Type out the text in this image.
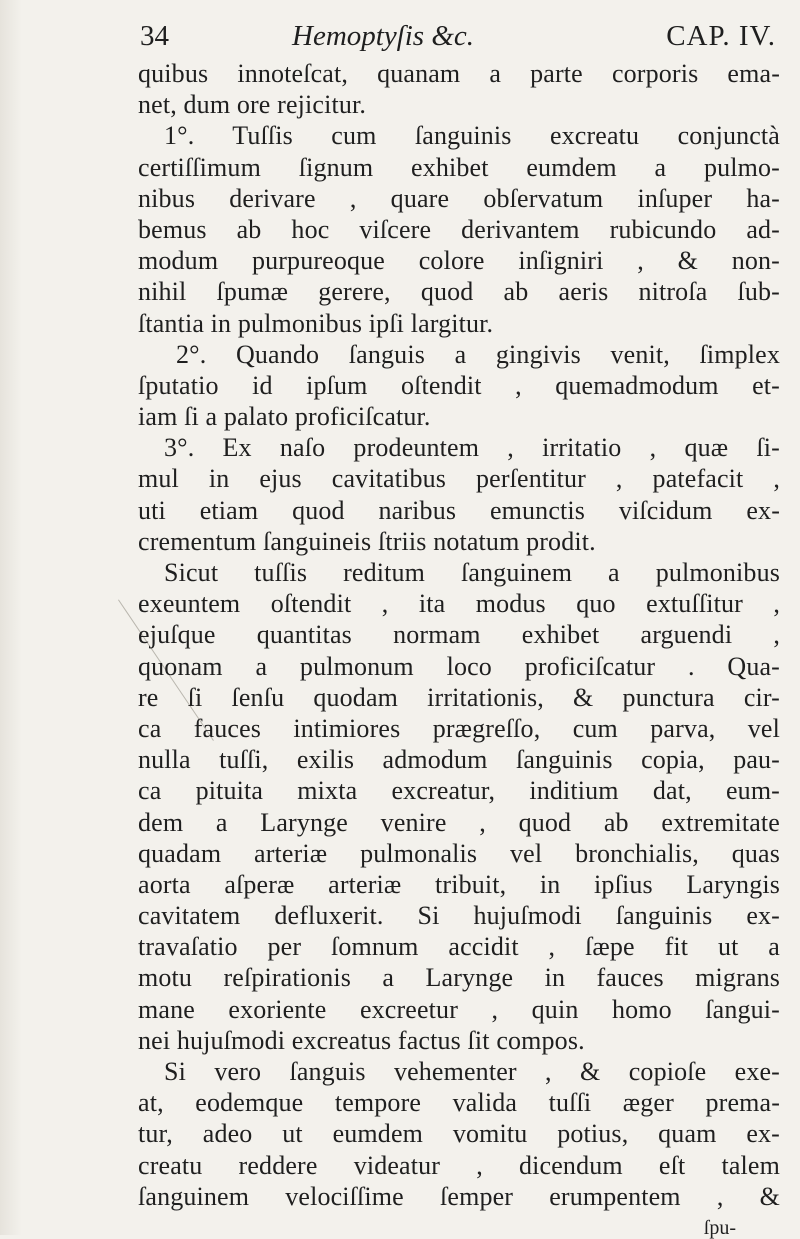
34	Hemoptyſis &c.	CAP. IV.
quibus innoteſcat, quanam a parte corporis ema-
net, dum ore rejicitur.
1°. Tuſſis cum ſanguinis excreatu conjunctà
certiſſimum ſignum exhibet eumdem a pulmo-
nibus derivare , quare obſervatum inſuper ha-
bemus ab hoc viſcere derivantem rubicundo ad-
modum purpureoque colore inſigniri , & non-
nihil ſpumæ gerere, quod ab aeris nitroſa ſub-
ſtantia in pulmonibus ipſi largitur.
2°. Quando ſanguis a gingivis venit, ſimplex
ſputatio id ipſum oſtendit , quemadmodum et-
iam ſi a palato proficiſcatur.
3°. Ex naſo prodeuntem , irritatio , quæ ſi-
mul in ejus cavitatibus perſentitur , patefacit ,
uti etiam quod naribus emunctis viſcidum ex-
crementum ſanguineis ſtriis notatum prodit.
Sicut tuſſis reditum ſanguinem a pulmonibus
exeuntem oſtendit , ita modus quo extuſſitur ,
ejuſque quantitas normam exhibet arguendi ,
quonam a pulmonum loco proficiſcatur . Qua-
re ſi ſenſu quodam irritationis, & punctura cir-
ca fauces intimiores prægreſſo, cum parva, vel
nulla tuſſi, exilis admodum ſanguinis copia, pau-
ca pituita mixta excreatur, inditium dat, eum-
dem a Larynge venire , quod ab extremitate
quadam arteriæ pulmonalis vel bronchialis, quas
aorta aſperæ arteriæ tribuit, in ipſius Laryngis
cavitatem defluxerit. Si hujuſmodi ſanguinis ex-
travaſatio per ſomnum accidit , ſæpe fit ut a
motu reſpirationis a Larynge in fauces migrans
mane exoriente excreetur , quin homo ſangui-
nei hujuſmodi excreatus factus ſit compos.
Si vero ſanguis vehementer , & copioſe exe-
at, eodemque tempore valida tuſſi æger prema-
tur, adeo ut eumdem vomitu potius, quam ex-
creatu reddere videatur , dicendum eſt talem
ſanguinem velociſſime ſemper erumpentem , &
ſpu-
